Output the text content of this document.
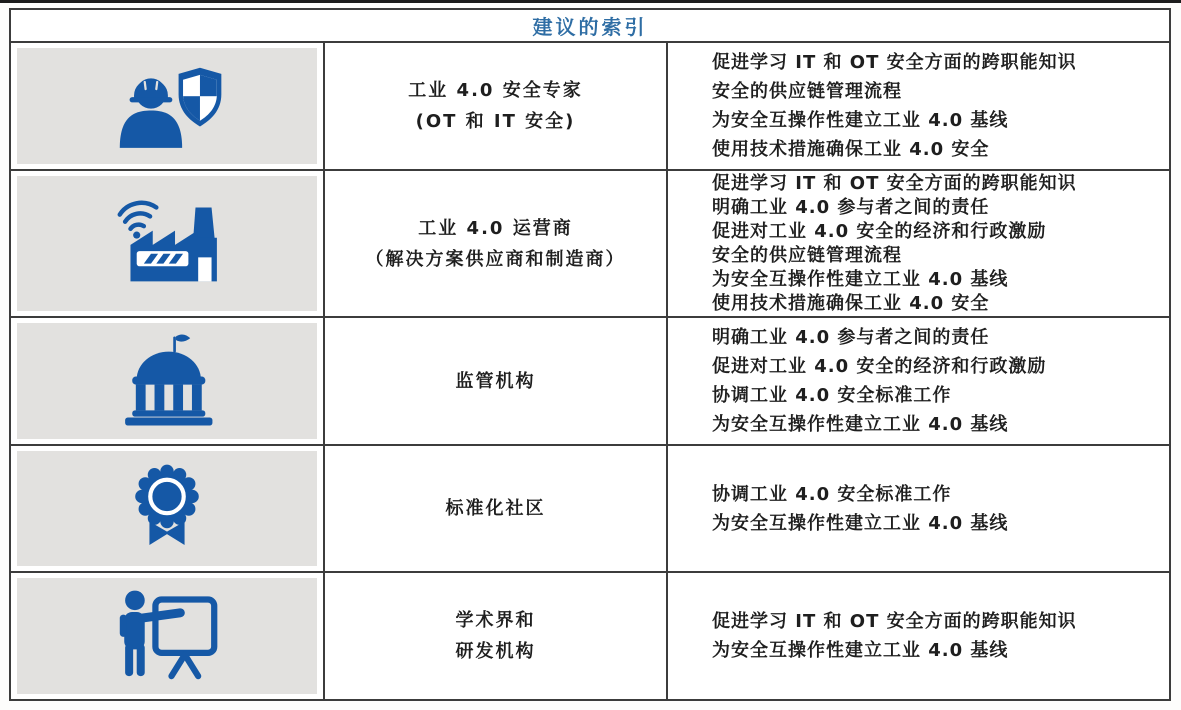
建议的索引
工业 4.0 安全专家
(OT 和 IT 安全)
促进学习 IT 和 OT 安全方面的跨职能知识
安全的供应链管理流程
为安全互操作性建立工业 4.0 基线
使用技术措施确保工业 4.0 安全
工业 4.0 运营商
（解决方案供应商和制造商）
促进学习 IT 和 OT 安全方面的跨职能知识
明确工业 4.0 参与者之间的责任
促进对工业 4.0 安全的经济和行政激励
安全的供应链管理流程
为安全互操作性建立工业 4.0 基线
使用技术措施确保工业 4.0 安全
监管机构
明确工业 4.0 参与者之间的责任
促进对工业 4.0 安全的经济和行政激励
协调工业 4.0 安全标准工作
为安全互操作性建立工业 4.0 基线
标准化社区
协调工业 4.0 安全标准工作
为安全互操作性建立工业 4.0 基线
学术界和
研发机构
促进学习 IT 和 OT 安全方面的跨职能知识
为安全互操作性建立工业 4.0 基线
